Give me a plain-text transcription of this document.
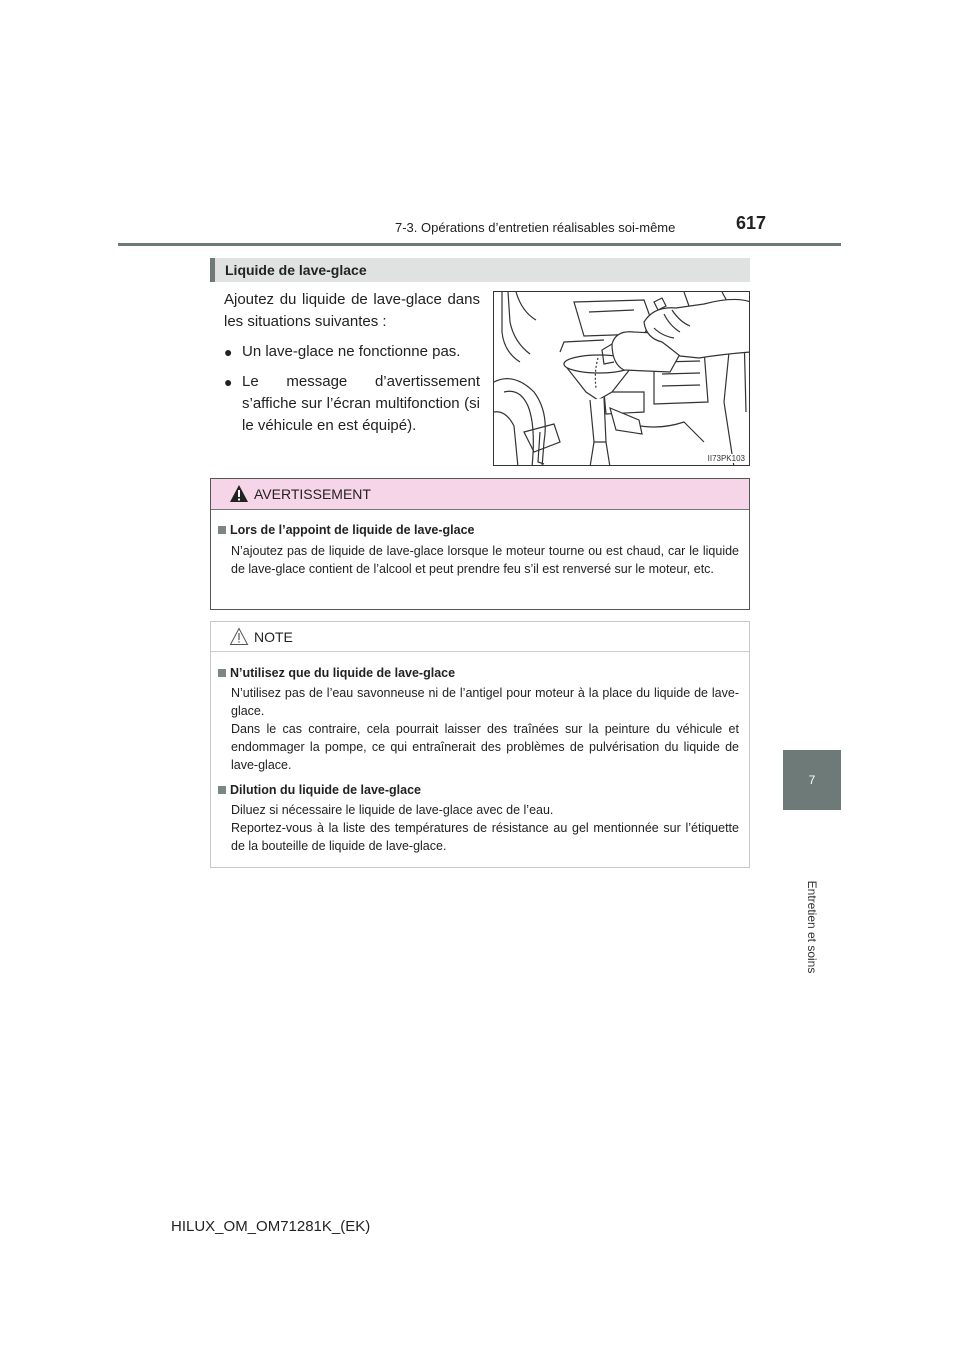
7-3. Opérations d’entretien réalisables soi-même	617
7
Entretien et soins
Liquide de lave-glace
Ajoutez du liquide de lave-glace dans les situations suivantes :
● Un lave-glace ne fonctionne pas.
● Le message d’avertissement s’affiche sur l’écran multifonction (si le véhicule en est équipé).
II73PK103
AVERTISSEMENT
Lors de l’appoint de liquide de lave-glace
N’ajoutez pas de liquide de lave-glace lorsque le moteur tourne ou est chaud, car le liquide de lave-glace contient de l’alcool et peut prendre feu s’il est renversé sur le moteur, etc.
NOTE
N’utilisez que du liquide de lave-glace
N’utilisez pas de l’eau savonneuse ni de l’antigel pour moteur à la place du liquide de lave-glace.
Dans le cas contraire, cela pourrait laisser des traînées sur la peinture du véhicule et endommager la pompe, ce qui entraînerait des problèmes de pulvérisation du liquide de lave-glace.
Dilution du liquide de lave-glace
Diluez si nécessaire le liquide de lave-glace avec de l’eau.
Reportez-vous à la liste des températures de résistance au gel mentionnée sur l’étiquette de la bouteille de liquide de lave-glace.
HILUX_OM_OM71281K_(EK)
